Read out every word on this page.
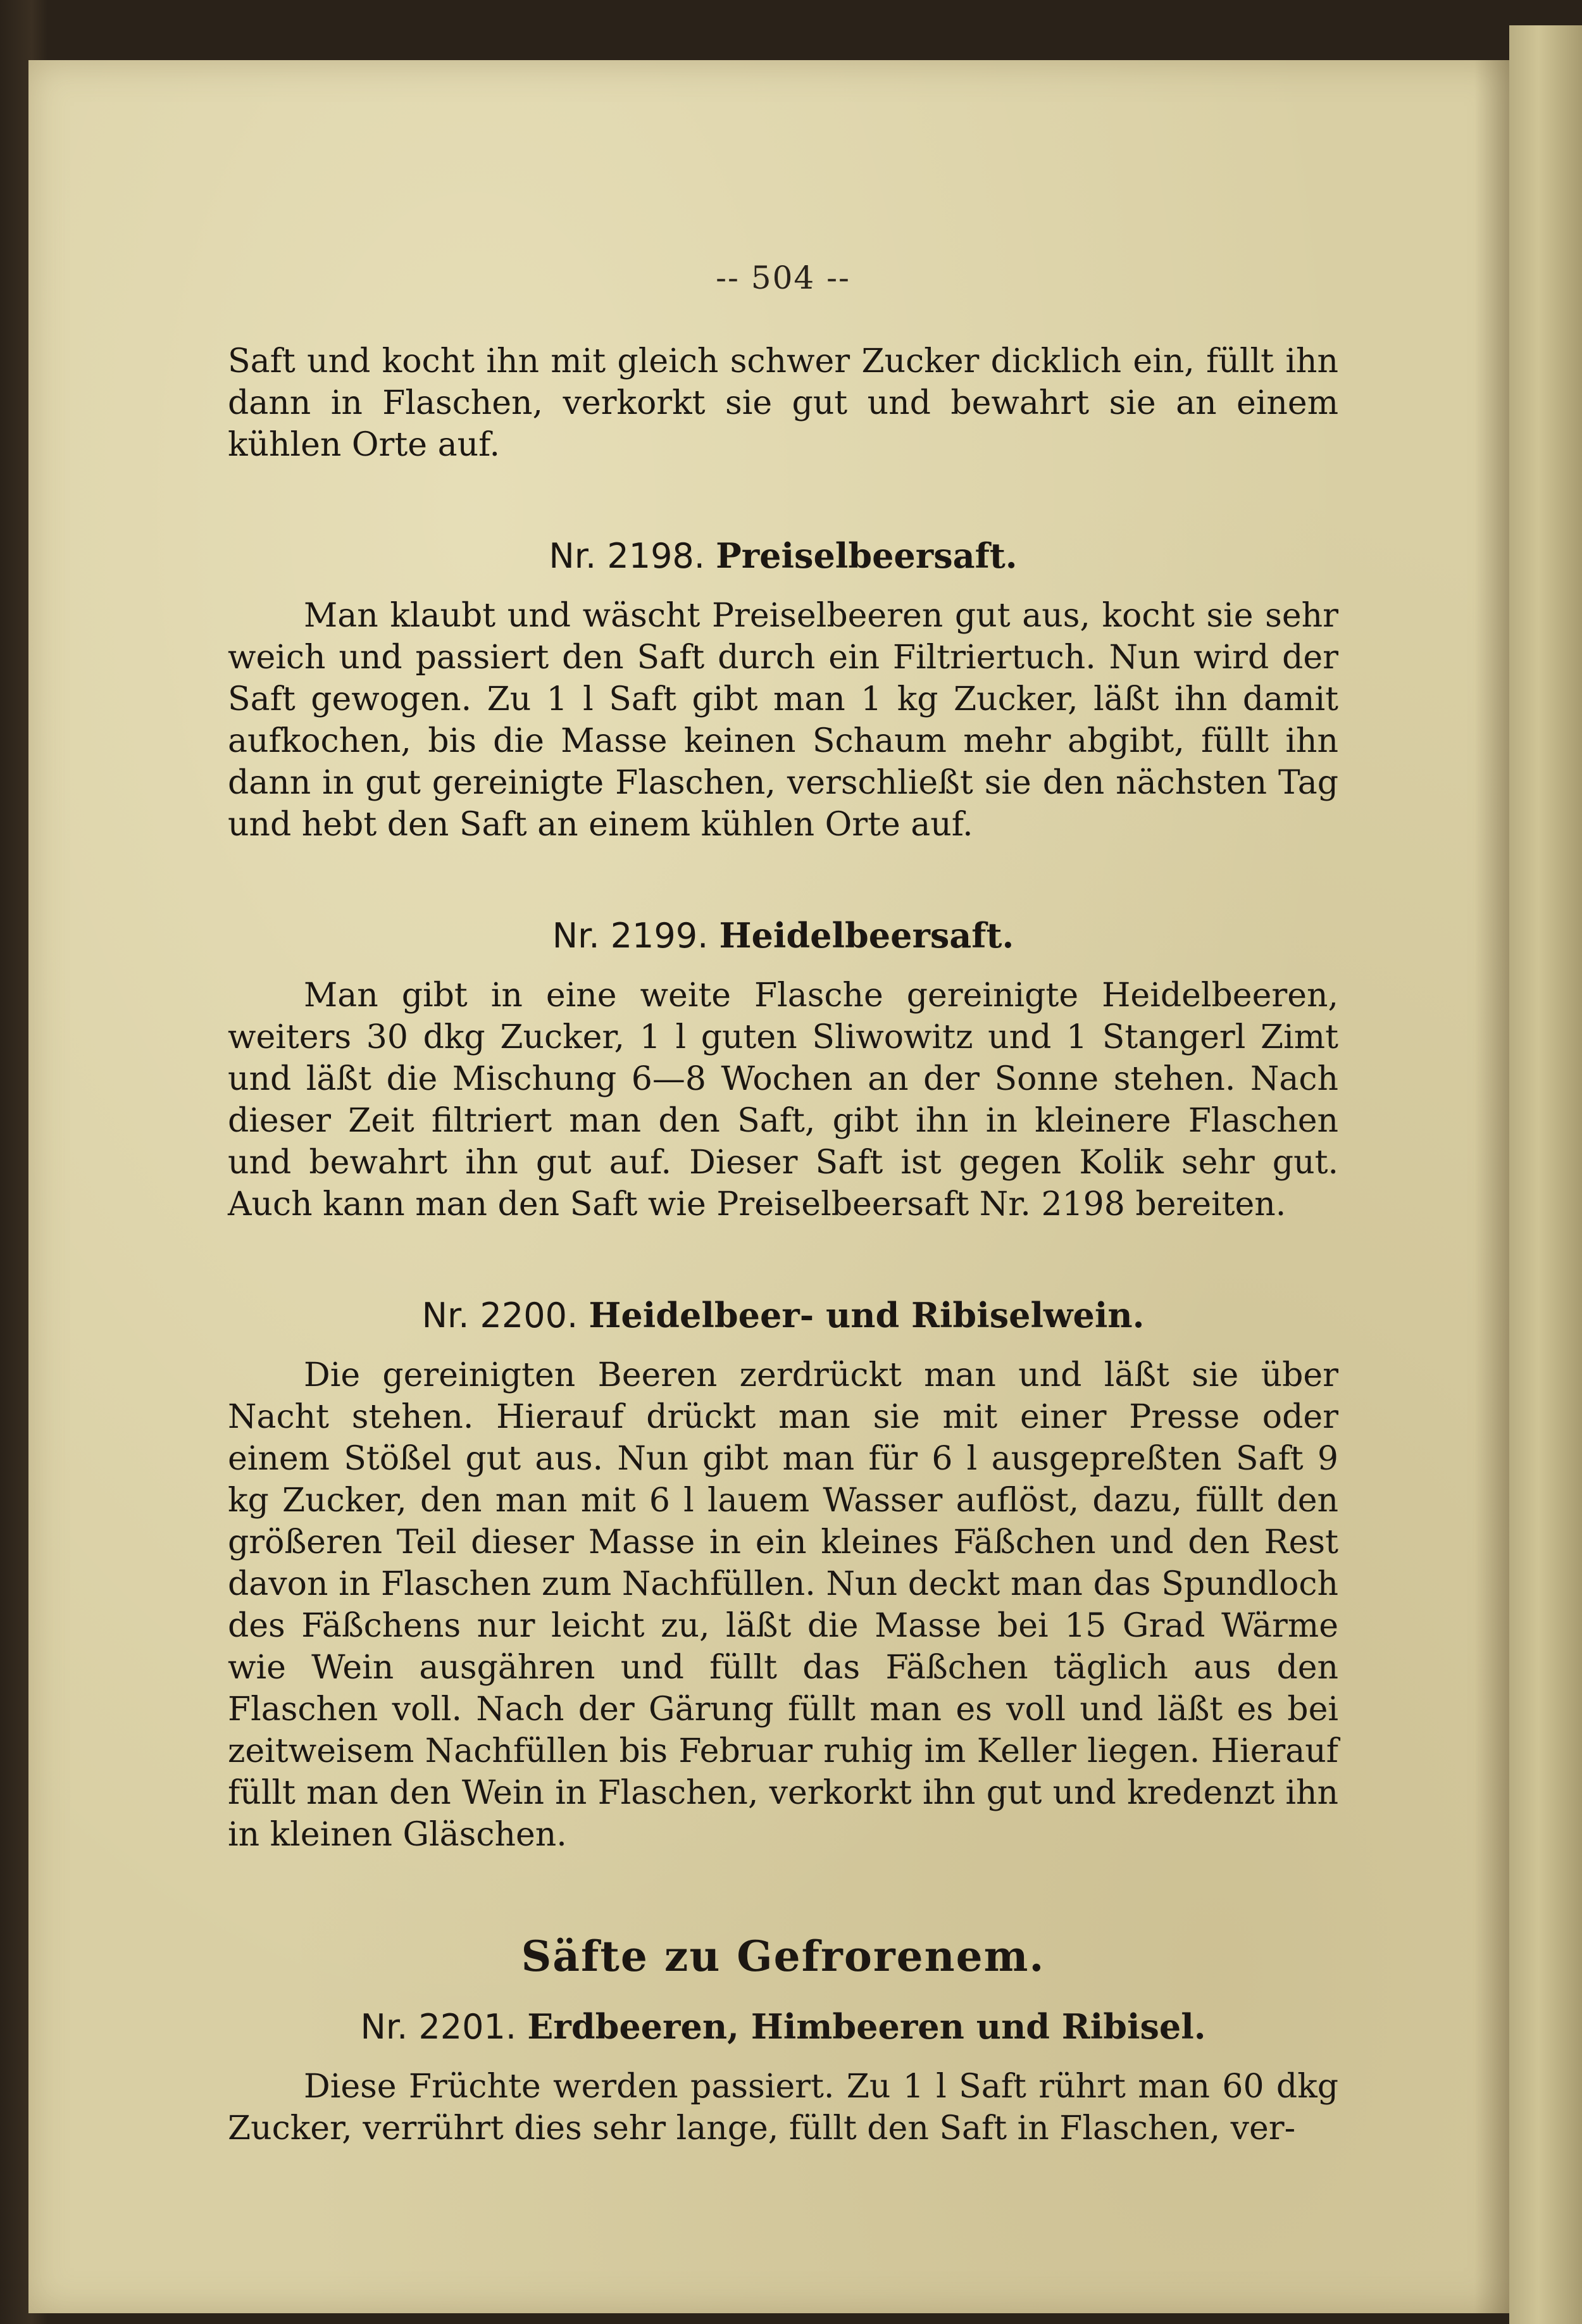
-- 504 --

Saft und kocht ihn mit gleich schwer Zucker dicklich ein, füllt ihn dann in Flaschen, verkorkt sie gut und bewahrt sie an einem kühlen Orte auf.

Nr. 2198. Preiselbeersaft.

Man klaubt und wäscht Preiselbeeren gut aus, kocht sie sehr weich und passiert den Saft durch ein Filtriertuch. Nun wird der Saft gewogen. Zu 1 l Saft gibt man 1 kg Zucker, läßt ihn damit aufkochen, bis die Masse keinen Schaum mehr abgibt, füllt ihn dann in gut gereinigte Flaschen, verschließt sie den nächsten Tag und hebt den Saft an einem kühlen Orte auf.

Nr. 2199. Heidelbeersaft.

Man gibt in eine weite Flasche gereinigte Heidelbeeren, weiters 30 dkg Zucker, 1 l guten Sliwowitz und 1 Stangerl Zimt und läßt die Mischung 6—8 Wochen an der Sonne stehen. Nach dieser Zeit filtriert man den Saft, gibt ihn in kleinere Flaschen und bewahrt ihn gut auf. Dieser Saft ist gegen Kolik sehr gut. Auch kann man den Saft wie Preiselbeersaft Nr. 2198 bereiten.

Nr. 2200. Heidelbeer- und Ribiselwein.

Die gereinigten Beeren zerdrückt man und läßt sie über Nacht stehen. Hierauf drückt man sie mit einer Presse oder einem Stößel gut aus. Nun gibt man für 6 l ausgepreßten Saft 9 kg Zucker, den man mit 6 l lauem Wasser auflöst, dazu, füllt den größeren Teil dieser Masse in ein kleines Fäßchen und den Rest davon in Flaschen zum Nachfüllen. Nun deckt man das Spundloch des Fäßchens nur leicht zu, läßt die Masse bei 15 Grad Wärme wie Wein ausgähren und füllt das Fäßchen täglich aus den Flaschen voll. Nach der Gärung füllt man es voll und läßt es bei zeitweisem Nachfüllen bis Februar ruhig im Keller liegen. Hierauf füllt man den Wein in Flaschen, verkorkt ihn gut und kredenzt ihn in kleinen Gläschen.

Säfte zu Gefrorenem.
Nr. 2201. Erdbeeren, Himbeeren und Ribisel.

Diese Früchte werden passiert. Zu 1 l Saft rührt man 60 dkg Zucker, verrührt dies sehr lange, füllt den Saft in Flaschen, ver-
